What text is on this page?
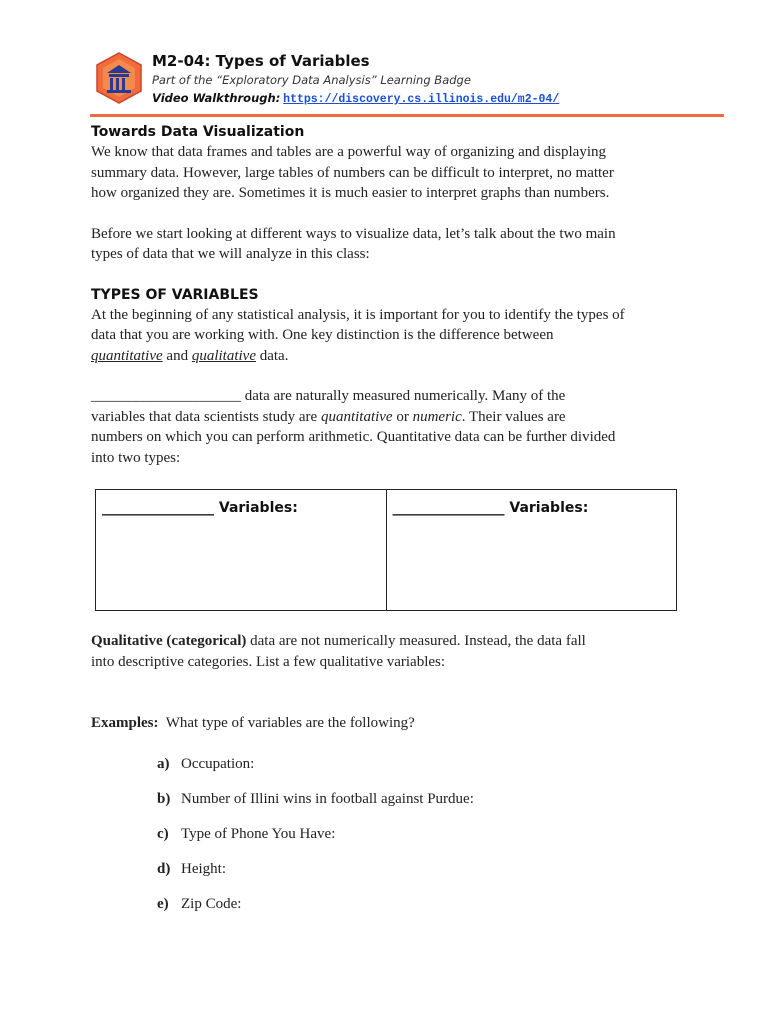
M2-04: Types of Variables
Part of the “Exploratory Data Analysis” Learning Badge
Video Walkthrough: https://discovery.cs.illinois.edu/m2-04/

Towards Data Visualization

We know that data frames and tables are a powerful way of organizing and displaying

summary data. However, large tables of numbers can be difficult to interpret, no matter

how organized they are. Sometimes it is much easier to interpret graphs than numbers.

Before we start looking at different ways to visualize data, let’s talk about the two main

types of data that we will analyze in this class:

TYPES OF VARIABLES

At the beginning of any statistical analysis, it is important for you to identify the types of

data that you are working with. One key distinction is the difference between

quantitative and qualitative data.

____________________ data are naturally measured numerically. Many of the

variables that data scientists study are quantitative or numeric. Their values are

numbers on which you can perform arithmetic. Quantitative data can be further divided

into two types:

________________ Variables:	________________ Variables:

Qualitative (categorical) data are not numerically measured. Instead, the data fall

into descriptive categories. List a few qualitative variables:

Examples: What type of variables are the following?
a) Occupation:
b) Number of Illini wins in football against Purdue:
c) Type of Phone You Have:
d) Height:
e) Zip Code:
